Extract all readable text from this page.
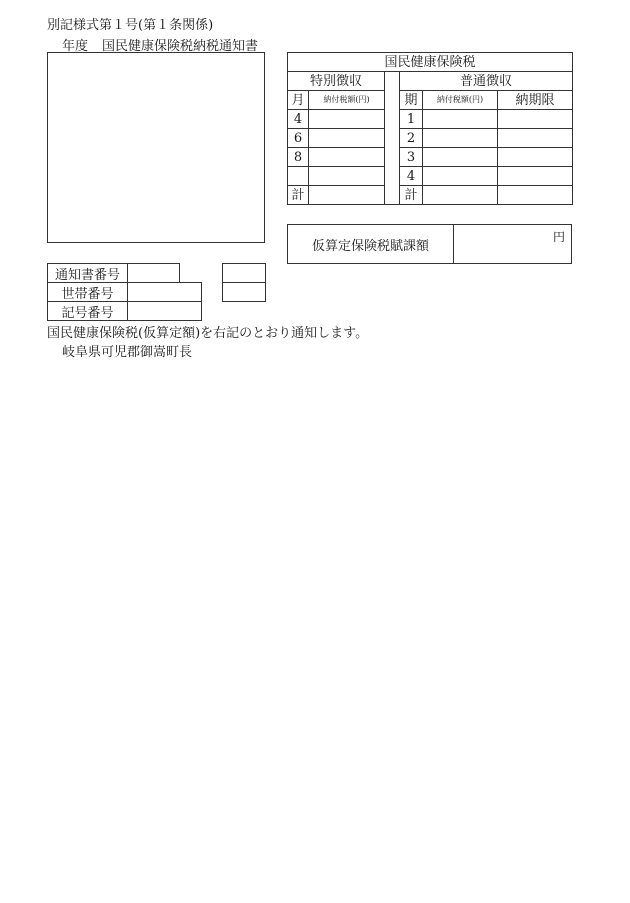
別記様式第１号(第１条関係)
年度 国民健康保険税納税通知書
国民健康保険税					
特別徴収			普通徴収		
月	納付税額(円)		期	納付税額(円)	納期限
4			1		
6			2		
8			3		
			4		
計			計		
仮算定保険税賦課額
円
通知書番号
世帯番号
記号番号
国民健康保険税(仮算定額)を右記のとおり通知します。
岐阜県可児郡御嵩町長
